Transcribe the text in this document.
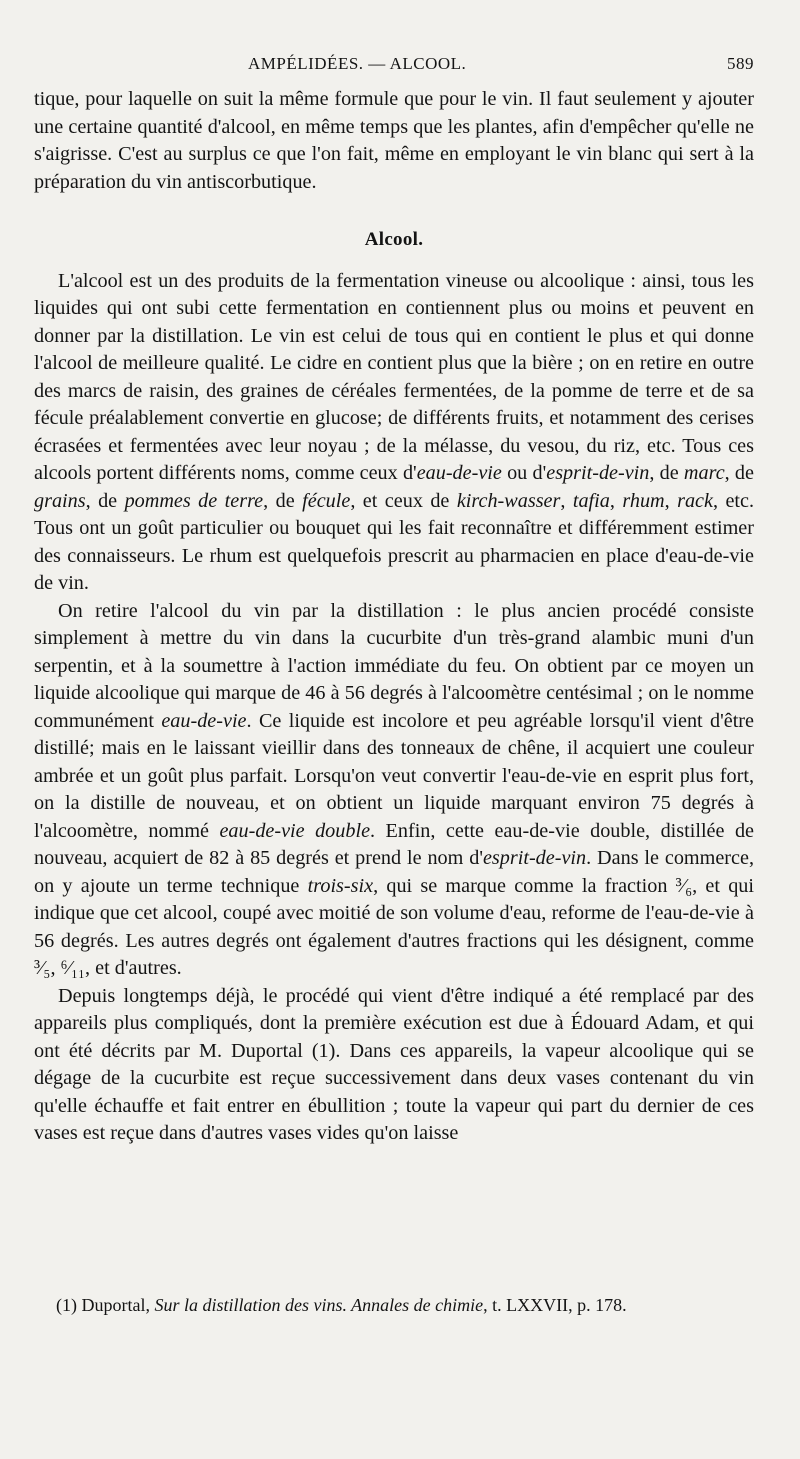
AMPÉLIDÉES. — ALCOOL.	589

tique, pour laquelle on suit la même formule que pour le vin. Il faut seulement y ajouter une certaine quantité d'alcool, en même temps que les plantes, afin d'empêcher qu'elle ne s'aigrisse. C'est au surplus ce que l'on fait, même en employant le vin blanc qui sert à la préparation du vin antiscorbutique.

Alcool.

L'alcool est un des produits de la fermentation vineuse ou alcoolique : ainsi, tous les liquides qui ont subi cette fermentation en contiennent plus ou moins et peuvent en donner par la distillation. Le vin est celui de tous qui en contient le plus et qui donne l'alcool de meilleure qualité. Le cidre en contient plus que la bière ; on en retire en outre des marcs de raisin, des graines de céréales fermentées, de la pomme de terre et de sa fécule préalablement convertie en glucose; de différents fruits, et notamment des cerises écrasées et fermentées avec leur noyau ; de la mélasse, du vesou, du riz, etc. Tous ces alcools portent différents noms, comme ceux d'eau-de-vie ou d'esprit-de-vin, de marc, de grains, de pommes de terre, de fécule, et ceux de kirch-wasser, tafia, rhum, rack, etc. Tous ont un goût particulier ou bouquet qui les fait reconnaître et différemment estimer des connaisseurs. Le rhum est quelquefois prescrit au pharmacien en place d'eau-de-vie de vin.

On retire l'alcool du vin par la distillation : le plus ancien procédé consiste simplement à mettre du vin dans la cucurbite d'un très-grand alambic muni d'un serpentin, et à la soumettre à l'action immédiate du feu. On obtient par ce moyen un liquide alcoolique qui marque de 46 à 56 degrés à l'alcoomètre centésimal ; on le nomme communément eau-de-vie. Ce liquide est incolore et peu agréable lorsqu'il vient d'être distillé; mais en le laissant vieillir dans des tonneaux de chêne, il acquiert une couleur ambrée et un goût plus parfait. Lorsqu'on veut convertir l'eau-de-vie en esprit plus fort, on la distille de nouveau, et on obtient un liquide marquant environ 75 degrés à l'alcoomètre, nommé eau-de-vie double. Enfin, cette eau-de-vie double, distillée de nouveau, acquiert de 82 à 85 degrés et prend le nom d'esprit-de-vin. Dans le commerce, on y ajoute un terme technique trois-six, qui se marque comme la fraction ³⁄₆, et qui indique que cet alcool, coupé avec moitié de son volume d'eau, reforme de l'eau-de-vie à 56 degrés. Les autres degrés ont également d'autres fractions qui les désignent, comme ³⁄₅, ⁶⁄₁₁, et d'autres.

Depuis longtemps déjà, le procédé qui vient d'être indiqué a été remplacé par des appareils plus compliqués, dont la première exécution est due à Édouard Adam, et qui ont été décrits par M. Duportal (1). Dans ces appareils, la vapeur alcoolique qui se dégage de la cucurbite est reçue successivement dans deux vases contenant du vin qu'elle échauffe et fait entrer en ébullition ; toute la vapeur qui part du dernier de ces vases est reçue dans d'autres vases vides qu'on laisse

(1) Duportal, Sur la distillation des vins. Annales de chimie, t. LXXVII, p. 178.
